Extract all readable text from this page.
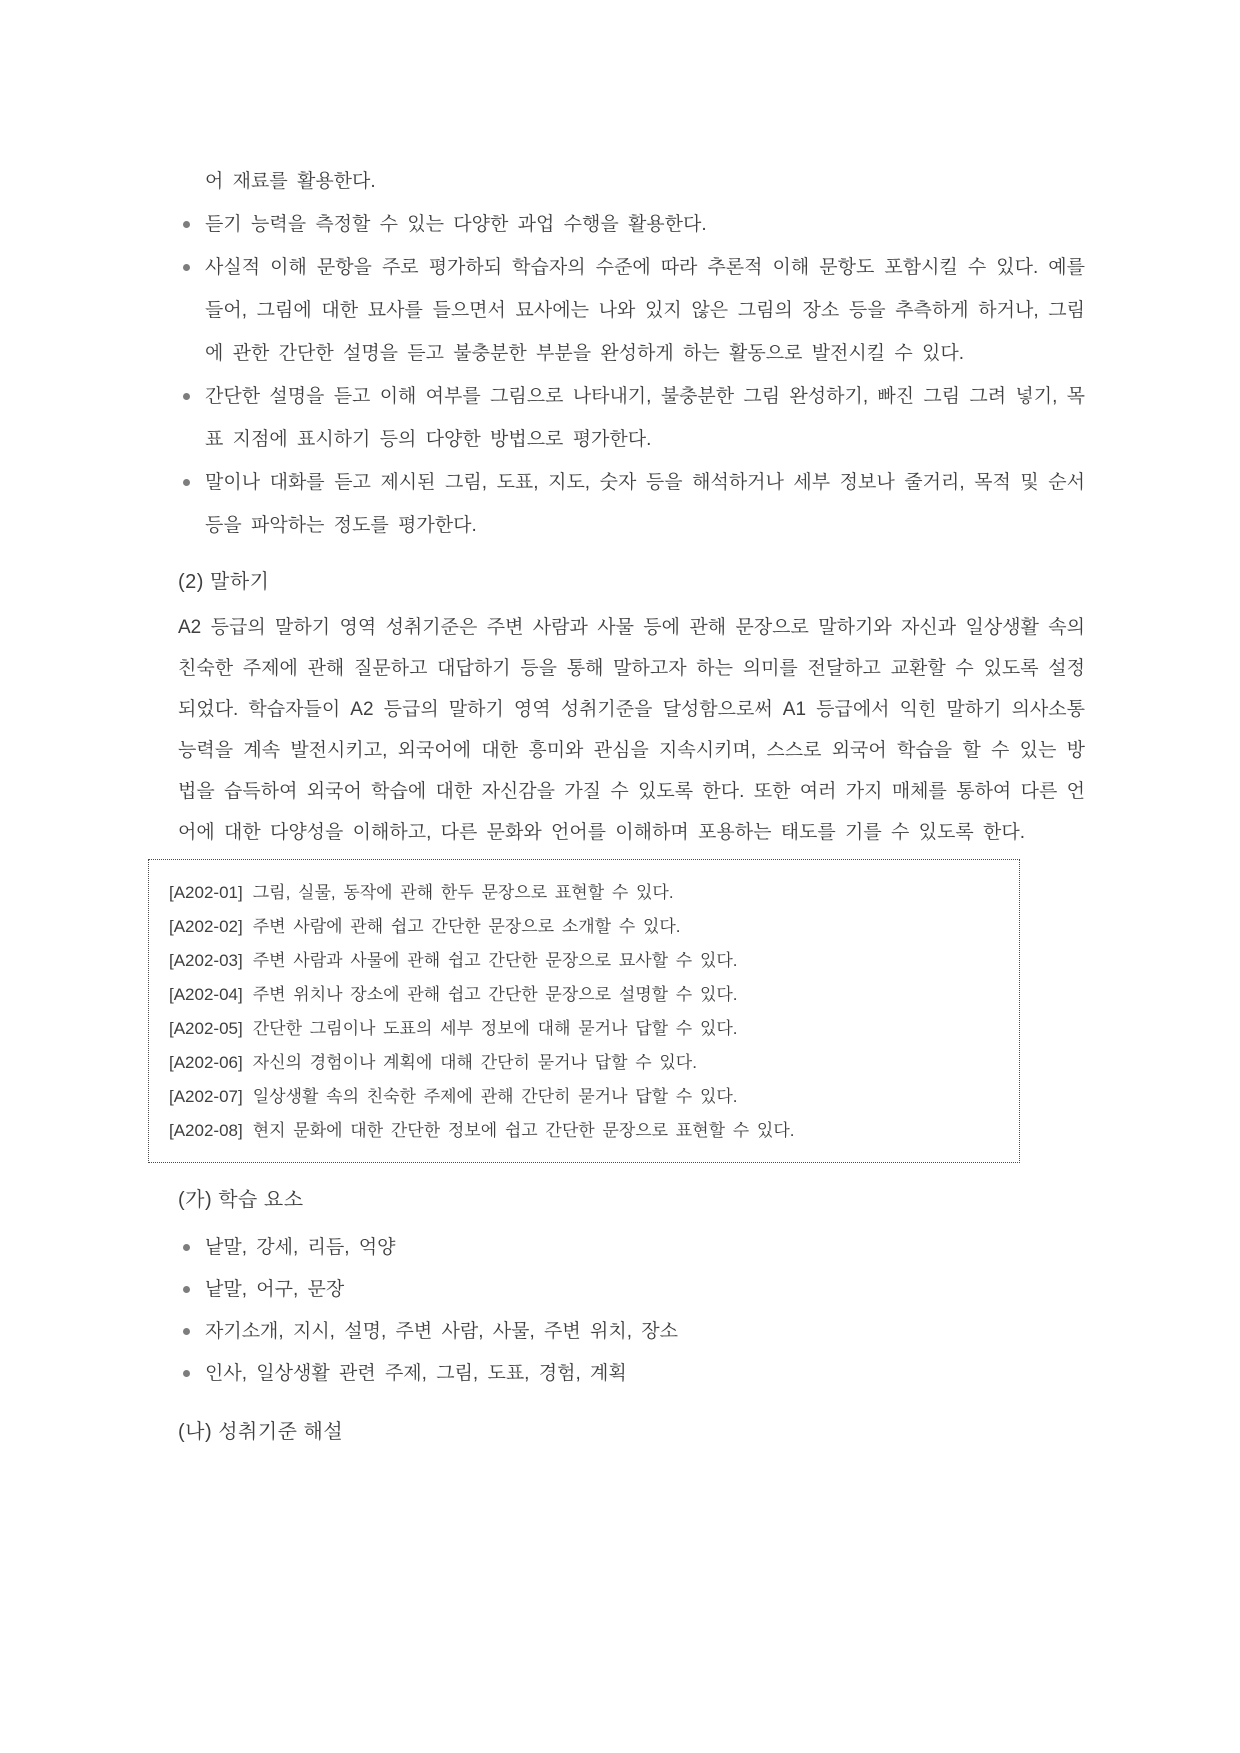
어 재료를 활용한다.
듣기 능력을 측정할 수 있는 다양한 과업 수행을 활용한다.
사실적 이해 문항을 주로 평가하되 학습자의 수준에 따라 추론적 이해 문항도 포함시킬 수 있다. 예를 들어, 그림에 대한 묘사를 들으면서 묘사에는 나와 있지 않은 그림의 장소 등을 추측하게 하거나, 그림에 관한 간단한 설명을 듣고 불충분한 부분을 완성하게 하는 활동으로 발전시킬 수 있다.
간단한 설명을 듣고 이해 여부를 그림으로 나타내기, 불충분한 그림 완성하기, 빠진 그림 그려 넣기, 목표 지점에 표시하기 등의 다양한 방법으로 평가한다.
말이나 대화를 듣고 제시된 그림, 도표, 지도, 숫자 등을 해석하거나 세부 정보나 줄거리, 목적 및 순서 등을 파악하는 정도를 평가한다.
(2) 말하기

A2 등급의 말하기 영역 성취기준은 주변 사람과 사물 등에 관해 문장으로 말하기와 자신과 일상생활 속의 친숙한 주제에 관해 질문하고 대답하기 등을 통해 말하고자 하는 의미를 전달하고 교환할 수 있도록 설정되었다. 학습자들이 A2 등급의 말하기 영역 성취기준을 달성함으로써 A1 등급에서 익힌 말하기 의사소통능력을 계속 발전시키고, 외국어에 대한 흥미와 관심을 지속시키며, 스스로 외국어 학습을 할 수 있는 방법을 습득하여 외국어 학습에 대한 자신감을 가질 수 있도록 한다. 또한 여러 가지 매체를 통하여 다른 언어에 대한 다양성을 이해하고, 다른 문화와 언어를 이해하며 포용하는 태도를 기를 수 있도록 한다.

[A202-01] 그림, 실물, 동작에 관해 한두 문장으로 표현할 수 있다.
[A202-02] 주변 사람에 관해 쉽고 간단한 문장으로 소개할 수 있다.
[A202-03] 주변 사람과 사물에 관해 쉽고 간단한 문장으로 묘사할 수 있다.
[A202-04] 주변 위치나 장소에 관해 쉽고 간단한 문장으로 설명할 수 있다.
[A202-05] 간단한 그림이나 도표의 세부 정보에 대해 묻거나 답할 수 있다.
[A202-06] 자신의 경험이나 계획에 대해 간단히 묻거나 답할 수 있다.
[A202-07] 일상생활 속의 친숙한 주제에 관해 간단히 묻거나 답할 수 있다.
[A202-08] 현지 문화에 대한 간단한 정보에 쉽고 간단한 문장으로 표현할 수 있다.
(가) 학습 요소
낱말, 강세, 리듬, 억양
낱말, 어구, 문장
자기소개, 지시, 설명, 주변 사람, 사물, 주변 위치, 장소
인사, 일상생활 관련 주제, 그림, 도표, 경험, 계획
(나) 성취기준 해설
